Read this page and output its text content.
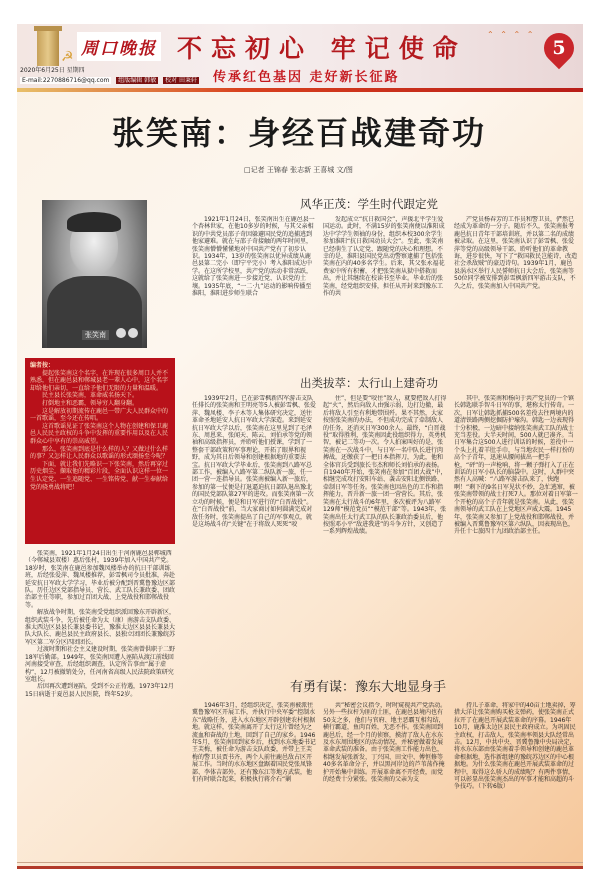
☭ 周口晚报 不忘初心 牢记使命
传承红色基因 走好新长征路
2020年6月25日 星期四
E-mail:2270886716@qq.com 组版编辑 韩敏 校对 田秉轩
⌃ ⌃ ⌃ ⌃
5
张笑南：身经百战建奇功
□记者 王锦春 张志新 王喜城 文/图
张笑南

编者按：

提起张笑南这个名字，在许现在很多周口人并不熟悉，但在鹿邑县和郸城县老一辈人心中，这个名字却给他们亲切，一直给予他们无限的力量和温暖。

民主县长张笑南，革命威名扬天下。

打倒地主和恶霸，领导穷人翻身翻。

这是解放初期流传在鹿邑一带广大人民群众中的一首歌谣，至今还在传唱。

这首歌谣见证了张笑南这个人物在创建和保卫鹿邑人民民主政权的斗争中发挥的重要作用以及在人民群众心中享有的崇高威望。

那么，张笑南到底是什么样的人？又做过什么样的事？又怎样让人民群众以歌谣的形式颂扬至今呢？

下面，就让我们先略识一下张笑南，然后再穿过历史烟尘，撷取他的精彩片段，全面认识这样一位一生认定党、一生追随党、一生铭传党、献一生奉献给党的骁勇战将吧！

张笑南，1921年1月24日出生于河南鹿邑县郸城西（今郸城县双楼）惠后张村，1939年加入中国共产党。18岁时，张笑南在鹿邑参加魏凤楼举办的抗日干部训练班，后经张爱萍、魏凤楼推荐，彭雪枫司令员批准，奔赴延安抗日军政大学学习，毕业后被分配到晋冀鲁豫边区部队。历任边区党部指导员、营长、武工队长兼政委、团政治部主任等职，参加过百团大战、上党战役和邯郸战役等。

解放战争时期，张笑南受党组织派回豫东开辟新区，组织武装斗争，先后被任命为太（康）南游击支队政委、淮太西边区县县长兼县委书记、豫淮太边区县县长兼县大队大队长、鹿邑县民主政府县长、县独立团团长兼豫皖苏军区第二军分区四团团长。

过渡时期和社会主义建设时期，张笑南曾供职于二野18军后勤部。1949年，张笑南因遭人诬陷从渡江前线回河南接受审查，后经组织调查，认定所告事由“属于虚构”，12月被撤销处分，任河南省高级人民法院政策研究室组长。

后因再次遭到诬陷，受到不公正待遇，1973年12月15日病逝于夏邑县人民医院，终年52岁。

风华正茂：学生时代跟定党

1921年1月24日，张笑南出生在鹿邑县一个杏林世家，在他10多岁的时候，与其父亲相识的中共党员邵子奇因躲避国民党的追捕逃到他家避难。就在与邵子奇接触的两年时间里，张笑南懵懵懂懂地对中国共产党有了初步认识。1934年，13岁的张笑南以优异成绩从鹿邑县第二完小（即宁平完小）考入淮阳成达中学。在这所学校里，共产党的活动非常活跃，这就给了张笑南进一步接近党、认识党的土壤。1935年底，“一二·九”运动的影响传播至淮阳，淮阳进步师生联合

发起成立“抗日救国会”，声援北平学生爱国运动。此时，不满15岁的张笑南便以淮阳成达中学学生领袖的身份，组织本校300余学生参加淮阳“抗日救国动员大会”。至此，张笑南已经萌生了认定党、跟随党的决心和理想。不幸的是，淮阳县国民党出动警察逮捕了包括张笑南在内的40多名学生。后来，其父张永福花费家中所有积蓄，才把张笑南从狱中搭救而出，并让其继续在校读书至毕业。毕业后的张笑南，经党组织安排，担任从开封来到豫东工作的共

产党员杨春芳的工作员和警卫员，俨然已经成为革命的一分子。随后不久，张笑南报考鹿邑抗日青年干部培训班，并以第二名的成绩被录取。在这里，张笑南认识了彭雪枫、张爱萍等党的高级领导干部，聆听他们的革命教诲，进步很快，写下了“救国救民岂能诗，改造社会杀敌贼”的豪迈诗句。1939年1月，鹿邑县涡水区举行人民誓师抗日大会后，张笑南等50位同学被安排到彭雪枫新四军游击支队，不久之后，张笑南加入中国共产党。

出类拔萃：太行山上建奇功

1939年2月，已在彭雪枫新四军游击支队任排长的张笑南和王明亮等5人被彭雪枫、张爱萍、魏凤楼、李子木等人集体研究决定，送往革命圣地延安人抗日军政大学深造。来到延安抗日军政大学以后，张笑南在这里见到了毛泽东、周恩来、张闻天、陈云、刘伯承等党的领袖和高级指挥员，并聆听他们授课，学到了一整套干部政策和军事理论，开拓了眼界和视野，成为其日后领导和创建根据地的重要法宝。抗日军政大学毕业后，张笑南到八路军总部工作，被编入八路军第二纵队新一旅，任一团一营一连指导员。张笑南被编入新一旅后，参加的第一仗便是打退逼迫抗日部队退出豫北的国民党部队第27军的进攻。而张笑南第一次立功的时候，便是和日军进行的“白晋战役”。在“白晋战役”前，当大家商讨如何圆满完成对敌任务时，张笑南提出了自己的军事观点，就是这场战斗的“关键”在于将敌人死死“咬

住”，但是要“咬住”敌人，就要把敌人打得起“火”，然后向敌人由强示弱，边打边撤，最后将敌人引至有利地带围歼。果不其然，大家按照张笑南的办法，不但成功完成了牵制敌人的任务，还消灭日军300余人。最终，“白晋战役”取得胜利，张笑南因此役组织得力、英勇机智，被记二等功一次。令人拍案叫好的是，张笑南在一次战斗中，与日军一名中队长进行肉搏战，还缴获了一把日本指挥刀，为此，他和全体官兵受到旅长韦杰和师长刘伯承的表扬。自1940年开始，张笑南在参加“百团大战”中，相继完成攻打安阳车站、袭击安阳北侧铁路、牵制日军等任务。张笑南也因出色的工作和指挥能力，晋升新一旅一团一营营长。其后，张笑南在太行战斗的6年里，多次被评为八路军129师“模范党员”“模范干部”等。1943年，张笑南出任太行武工队的队长兼政治委员后，他按照邓小平“敌进我进”的斗争方针，又创造了一系列辉煌战绩。

其中，张笑南和杨向于共产党员的一个镇长韩匙联手智斗日军的事，堪称太行传奇。一次，日军让韩匙抓捕500名差役去往两境内的道清铁路两侧挖掘防护壕沟。韩匙一边表现得十分积极，一边暗中接纳张笑南武工队的战士充当差役。大半天时间，500人就已凑齐。当日军集合这500人进行训话的时候，差役中一个头上扎着羊肚手巾，与当地农民一样打扮的高个子青年，迅速从腰间拔出一把手枪，“砰”的一声枪响，将一颗子弹打入了正在训话的日军小队长的脑袋中。这时，人群中突然有人高喊：“八路军游击队来了，快跑啊！”剩下的9名日军见状不妙，急忙逃窜，被张笑南带领的战士打死7人。那位对着日军第一个开枪的高个子青年就是张笑南。从此，张笑南领导的武工队在上党地区声威大震。1945年，张笑南又参加了上党战役和邯郸战役，并被编入晋冀鲁豫军区第六纵队，因表现出色，升任十七旅四十九团政治部主任。

有勇有谋：豫东大地显身手

1946年3月，经组织决定，张笑南被派往冀鲁豫军区开展工作，并执行中央军委“控制水东”战略任务，进入水东地区开辟创建农村根据地。就这样，张笑南离开了太行这片曾经为之流血和奋战的土地，回到了自己的家乡。1946年5月，张笑南回到家乡后，找到水东地委书记王芙梅，被任命为游击支队政委，并带上王芙梅的警卫员贾书齐，两个人前往鹿邑敌占区开展工作。当时的水东地区盘踞着国民党张凤锋部、李体吉部外，还有豫东江等地方武装，他们有时联合起来，积极执行蒋介石“剿

共”秘密会议指令，时时窥视共产党活动。另外一些拉杆为匪的土匪，在鹿邑县境内也有50支之多，他们与官府、地主恶霸互相勾结，横行霸道，鱼肉百姓，无恶不作。张笑南回到鹿邑后，经一个月的侦察，摸清了敌人在水东及水东周围地区的活动情况，并秘密做着发展革命武装的准备。由于张笑南工作能力出色，相继发展张新发、丁兴国、田文中、傅恒修等40多名革命分子，并以黑河岸边的芦苇荡作掩护开始集中训练。开展革命离不开经费，而党的经费十分紧张。张笑南的父亲为支

持儿子革命，将家中的40亩土地卖掉，筹措大洋让张笑南购买枪支弹药，使张笑南正式拉开了在鹿邑开展武装革命的序幕。1946年10月，鹿淮太边区县民主政府成立。为巩固民主政权，打击敌人，张笑南率领县大队经常出击。12月，中共中央、晋冀鲁豫中央局决定，将水东东部由张笑南着手领导和创建的鹿邑革命根据地，选作新组建的豫皖苏边区的中心根据地。为什么张笑南在鹿邑开展武装革命的过程中，取得这么骄人的成绩呢？有两件事情，可以彰显出张笑南杰出的军事才能和高超的斗争技巧。（下转6版）
